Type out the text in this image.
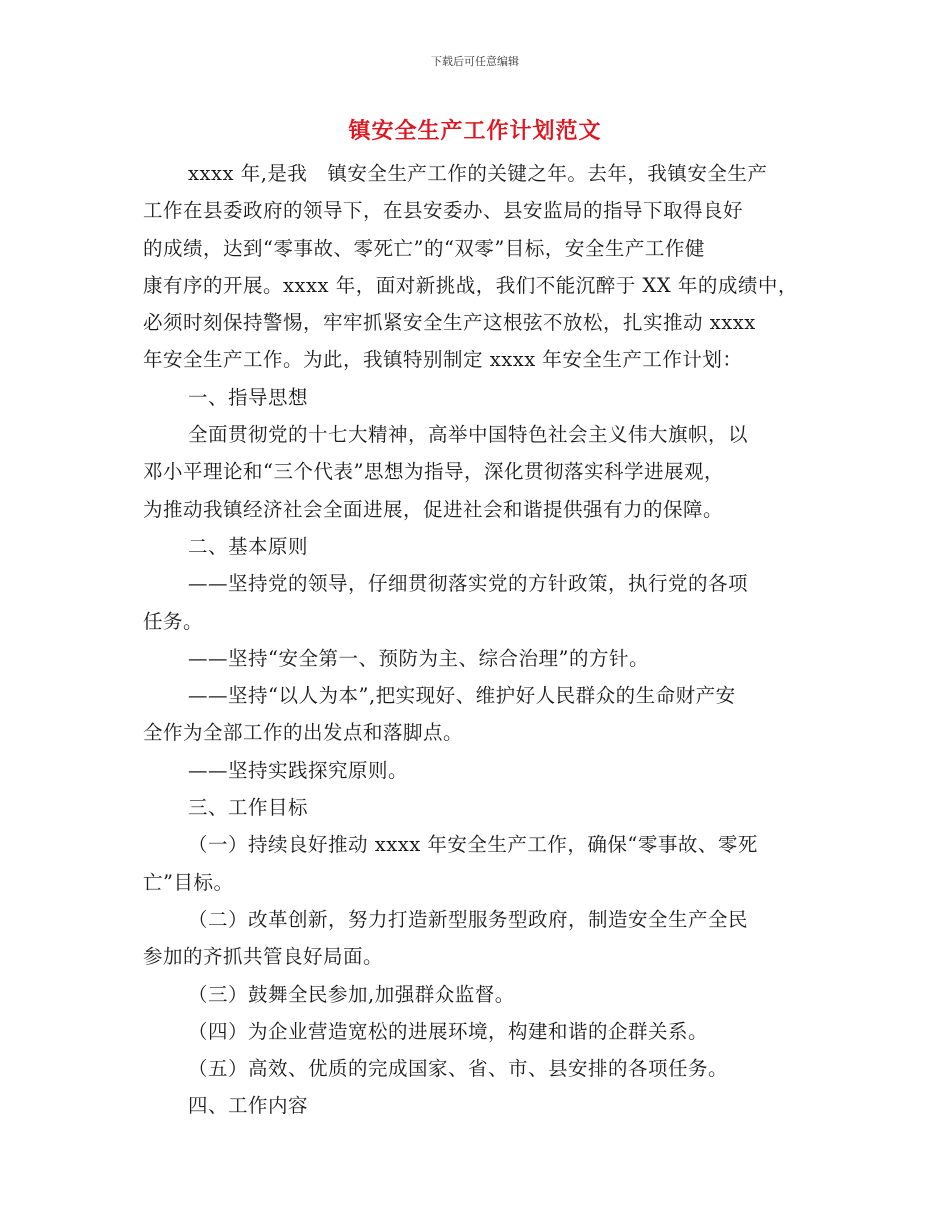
下载后可任意编辑
镇安全生产工作计划范文

xxxx 年,是我　镇安全生产工作的关键之年。去年，我镇安全生产

工作在县委政府的领导下，在县安委办、县安监局的指导下取得良好

的成绩，达到“零事故、零死亡”的“双零”目标，安全生产工作健

康有序的开展。xxxx 年，面对新挑战，我们不能沉醉于 XX 年的成绩中，

必须时刻保持警惕，牢牢抓紧安全生产这根弦不放松，扎实推动 xxxx

年安全生产工作。为此，我镇特别制定 xxxx 年安全生产工作计划：

一、指导思想

全面贯彻党的十七大精神，高举中国特色社会主义伟大旗帜，以

邓小平理论和“三个代表”思想为指导，深化贯彻落实科学进展观，

为推动我镇经济社会全面进展，促进社会和谐提供强有力的保障。

二、基本原则

——坚持党的领导，仔细贯彻落实党的方针政策，执行党的各项

任务。

——坚持“安全第一、预防为主、综合治理”的方针。

——坚持“以人为本”,把实现好、维护好人民群众的生命财产安

全作为全部工作的出发点和落脚点。

——坚持实践探究原则。

三、工作目标

（一）持续良好推动 xxxx 年安全生产工作，确保“零事故、零死

亡”目标。

（二）改革创新，努力打造新型服务型政府，制造安全生产全民

参加的齐抓共管良好局面。

（三）鼓舞全民参加,加强群众监督。

（四）为企业营造宽松的进展环境，构建和谐的企群关系。

（五）高效、优质的完成国家、省、市、县安排的各项任务。

四、工作内容
